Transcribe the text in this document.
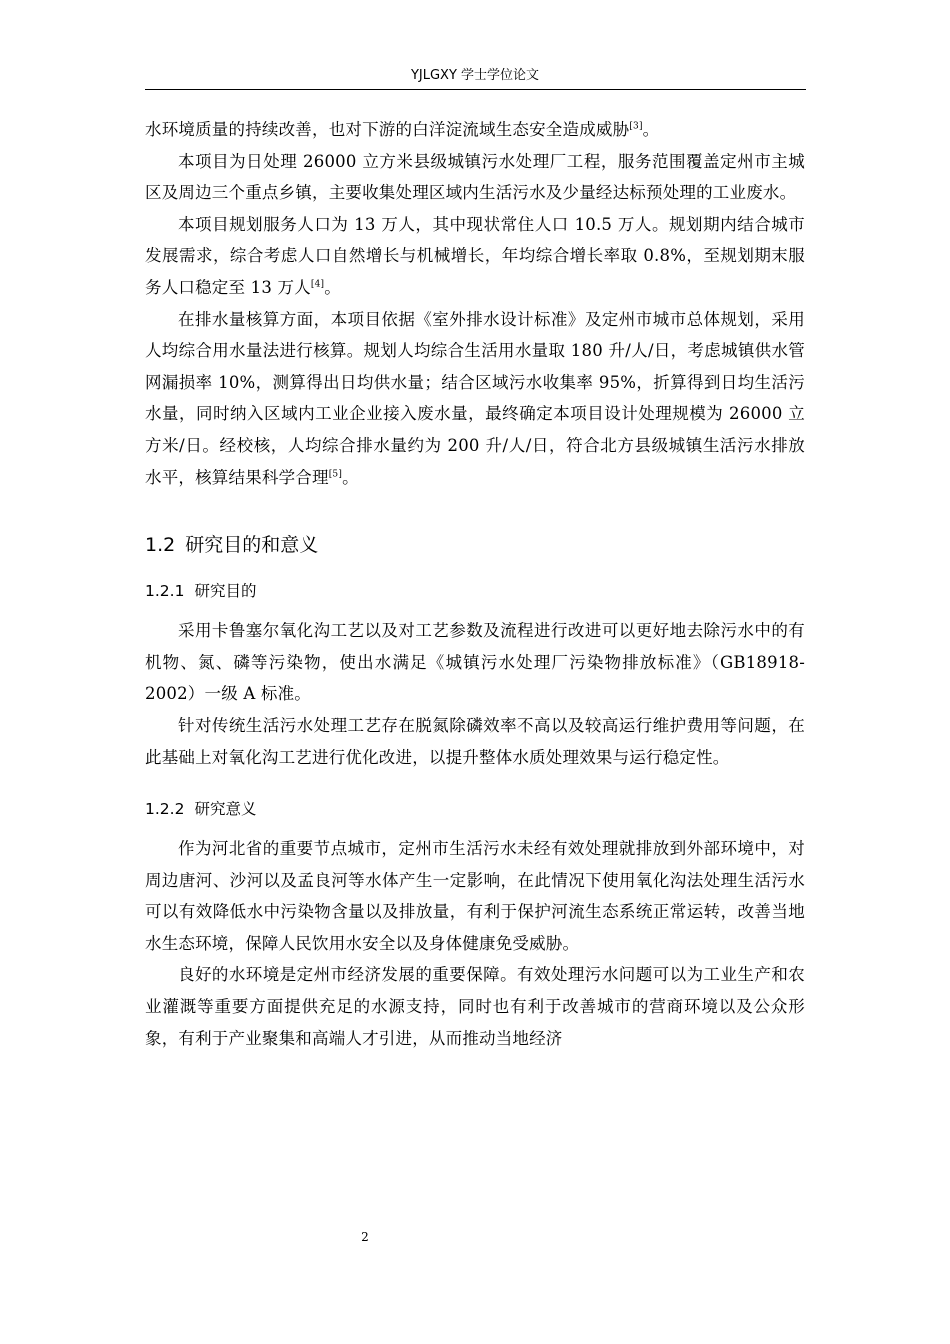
YJLGXY 学士学位论文

水环境质量的持续改善，也对下游的白洋淀流域生态安全造成威胁[3]。

本项目为日处理 26000 立方米县级城镇污水处理厂工程，服务范围覆盖定州市主城区及周边三个重点乡镇，主要收集处理区域内生活污水及少量经达标预处理的工业废水。

本项目规划服务人口为 13 万人，其中现状常住人口 10.5 万人。规划期内结合城市发展需求，综合考虑人口自然增长与机械增长，年均综合增长率取 0.8%，至规划期末服务人口稳定至 13 万人[4]。

在排水量核算方面，本项目依据《室外排水设计标准》及定州市城市总体规划，采用人均综合用水量法进行核算。规划人均综合生活用水量取 180 升/人/日，考虑城镇供水管网漏损率 10%，测算得出日均供水量；结合区域污水收集率 95%，折算得到日均生活污水量，同时纳入区域内工业企业接入废水量，最终确定本项目设计处理规模为 26000 立方米/日。经校核，人均综合排水量约为 200 升/人/日，符合北方县级城镇生活污水排放水平，核算结果科学合理[5]。

1.2 研究目的和意义
1.2.1 研究目的

采用卡鲁塞尔氧化沟工艺以及对工艺参数及流程进行改进可以更好地去除污水中的有机物、氮、磷等污染物，使出水满足《城镇污水处理厂污染物排放标准》（GB18918-2002）一级 A 标准。

针对传统生活污水处理工艺存在脱氮除磷效率不高以及较高运行维护费用等问题，在此基础上对氧化沟工艺进行优化改进，以提升整体水质处理效果与运行稳定性。

1.2.2 研究意义

作为河北省的重要节点城市，定州市生活污水未经有效处理就排放到外部环境中，对周边唐河、沙河以及孟良河等水体产生一定影响，在此情况下使用氧化沟法处理生活污水可以有效降低水中污染物含量以及排放量，有利于保护河流生态系统正常运转，改善当地水生态环境，保障人民饮用水安全以及身体健康免受威胁。

良好的水环境是定州市经济发展的重要保障。有效处理污水问题可以为工业生产和农业灌溉等重要方面提供充足的水源支持，同时也有利于改善城市的营商环境以及公众形象，有利于产业聚集和高端人才引进，从而推动当地经济

2
